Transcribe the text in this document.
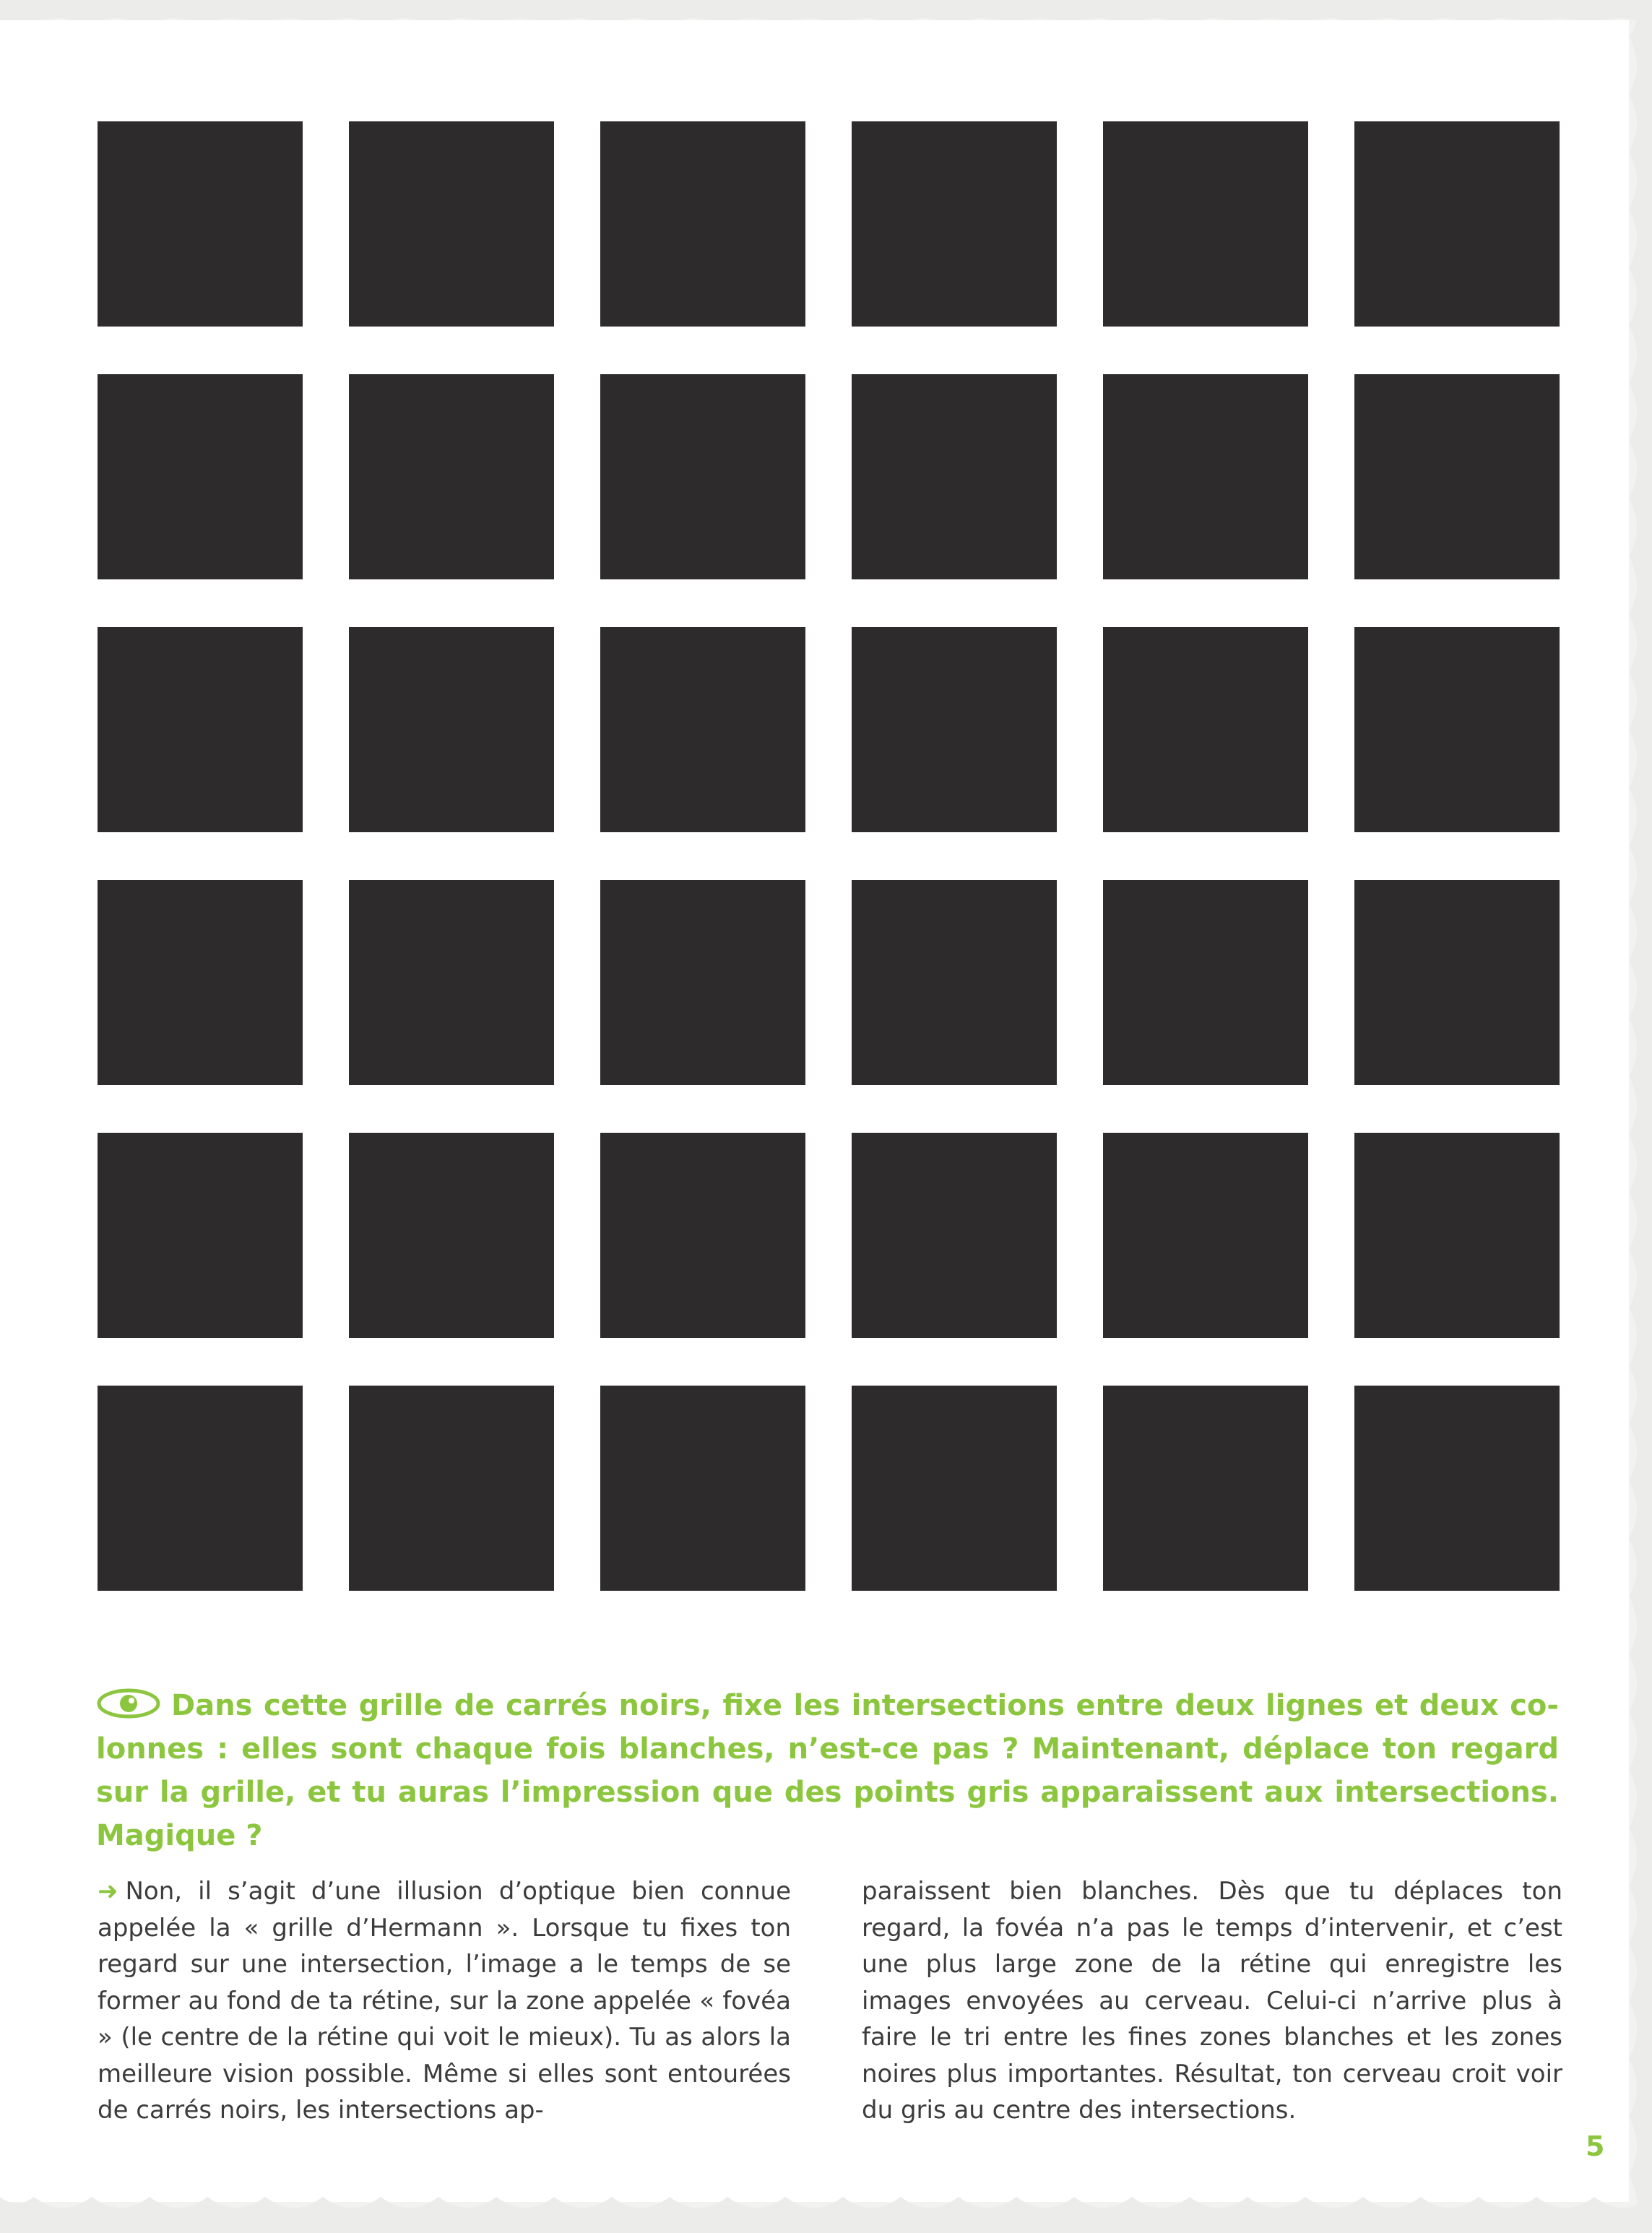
Dans cette grille de carrés noirs, fixe les intersections entre deux lignes et deux co-lonnes : elles sont chaque fois blanches, n’est-ce pas ? Maintenant, déplace ton regard sur la grille, et tu auras l’impression que des points gris apparaissent aux intersections. Magique ?

➜ Non, il s’agit d’une illusion d’optique bien connue appelée la « grille d’Hermann ». Lorsque tu fixes ton regard sur une intersection, l’image a le temps de se former au fond de ta rétine, sur la zone appelée « fovéa » (le centre de la rétine qui voit le mieux). Tu as alors la meilleure vision possible. Même si elles sont entourées de carrés noirs, les intersections ap-

paraissent bien blanches. Dès que tu déplaces ton regard, la fovéa n’a pas le temps d’intervenir, et c’est une plus large zone de la rétine qui enregistre les images envoyées au cerveau. Celui-ci n’arrive plus à faire le tri entre les fines zones blanches et les zones noires plus importantes. Résultat, ton cerveau croit voir du gris au centre des intersections.

5
